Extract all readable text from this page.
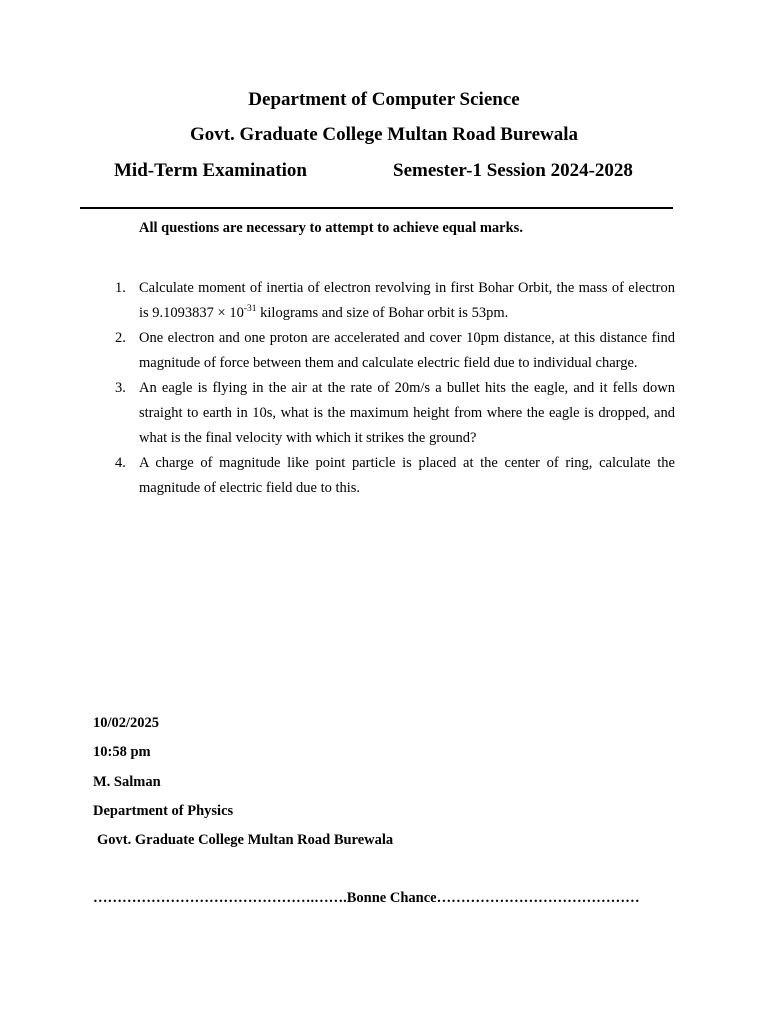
Department of Computer Science
Govt. Graduate College Multan Road Burewala
Mid-Term Examination	Semester-1 Session 2024-2028
All questions are necessary to attempt to achieve equal marks.
1. Calculate moment of inertia of electron revolving in first Bohar Orbit, the mass of electron is $9.1093837 \times 10^{-31}$ kilograms and size of Bohar orbit is 53pm.
2. One electron and one proton are accelerated and cover 10pm distance, at this distance find magnitude of force between them and calculate electric field due to individual charge.
3. An eagle is flying in the air at the rate of 20m/s a bullet hits the eagle, and it fells down straight to earth in 10s, what is the maximum height from where the eagle is dropped, and what is the final velocity with which it strikes the ground?
4. A charge of magnitude like point particle is placed at the center of ring, calculate the magnitude of electric field due to this.
10/02/2025
10:58 pm
M. Salman
Department of Physics
Govt. Graduate College Multan Road Burewala
……………………………………….…….Bonne Chance……………………………………
